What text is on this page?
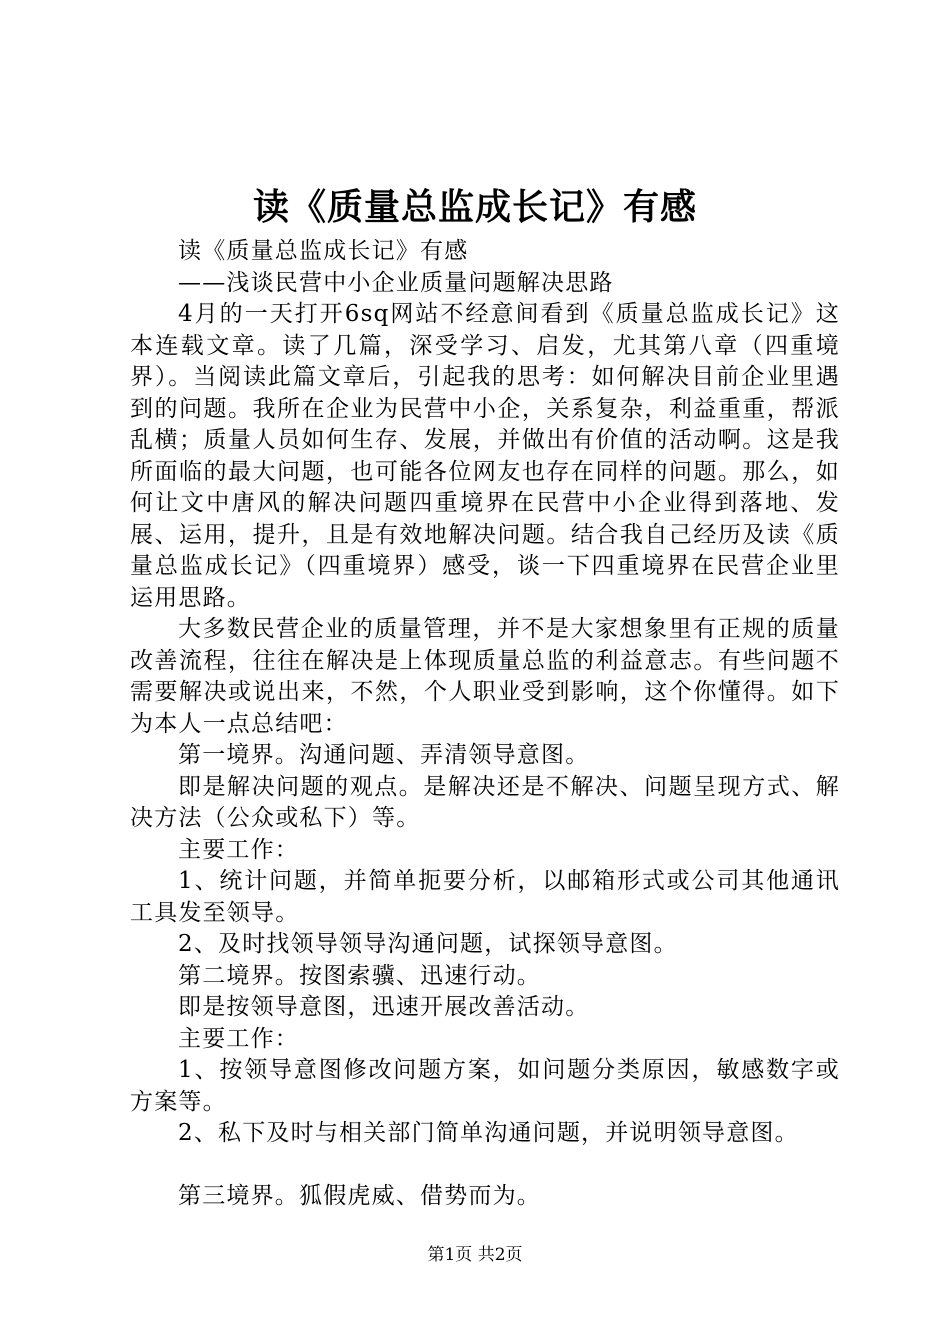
读《质量总监成长记》有感

读《质量总监成长记》有感

——浅谈民营中小企业质量问题解决思路

4月的一天打开6sq网站不经意间看到《质量总监成长记》这本连载文章。读了几篇，深受学习、启发，尤其第八章（四重境界）。当阅读此篇文章后，引起我的思考：如何解决目前企业里遇到的问题。我所在企业为民营中小企，关系复杂，利益重重，帮派乱横；质量人员如何生存、发展，并做出有价值的活动啊。这是我所面临的最大问题，也可能各位网友也存在同样的问题。那么，如何让文中唐风的解决问题四重境界在民营中小企业得到落地、发展、运用，提升，且是有效地解决问题。结合我自己经历及读《质量总监成长记》（四重境界）感受，谈一下四重境界在民营企业里运用思路。

大多数民营企业的质量管理，并不是大家想象里有正规的质量改善流程，往往在解决是上体现质量总监的利益意志。有些问题不需要解决或说出来，不然，个人职业受到影响，这个你懂得。如下为本人一点总结吧：

第一境界。沟通问题、弄清领导意图。

即是解决问题的观点。是解决还是不解决、问题呈现方式、解决方法（公众或私下）等。

主要工作：

1、统计问题，并简单扼要分析，以邮箱形式或公司其他通讯工具发至领导。

2、及时找领导领导沟通问题，试探领导意图。

第二境界。按图索骥、迅速行动。

即是按领导意图，迅速开展改善活动。

主要工作：

1、按领导意图修改问题方案，如问题分类原因，敏感数字或方案等。

2、私下及时与相关部门简单沟通问题，并说明领导意图。

第三境界。狐假虎威、借势而为。

第1页 共2页
